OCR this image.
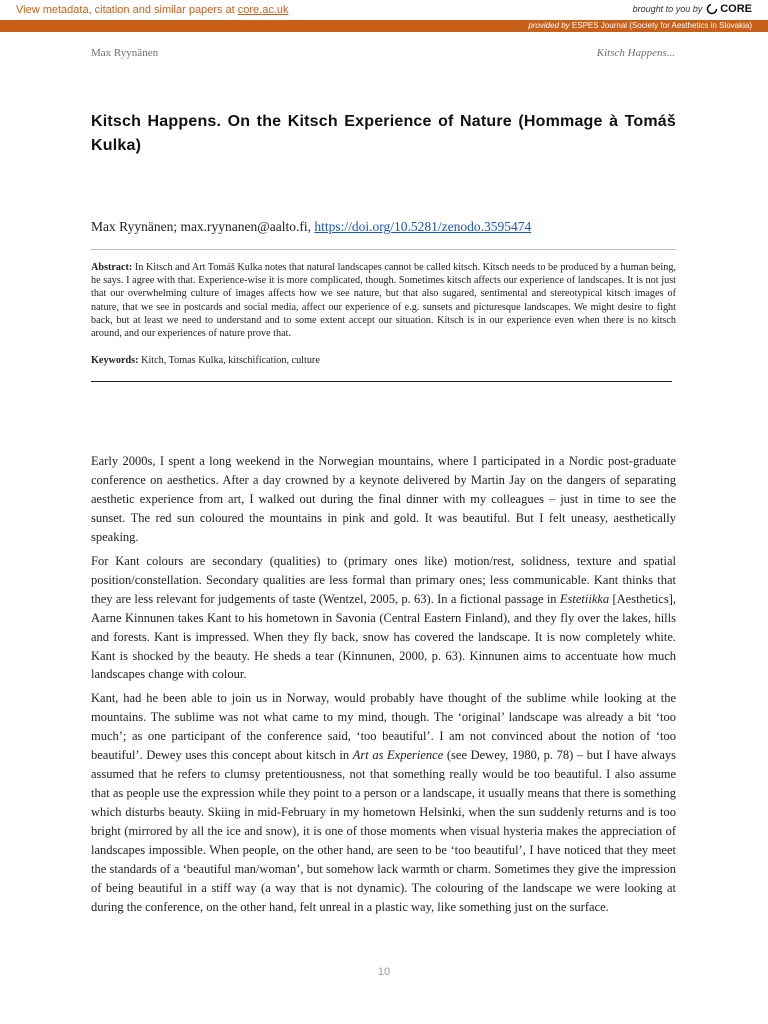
View metadata, citation and similar papers at core.ac.uk	brought to you by CORE
provided by ESPES Journal (Society for Aesthetics in Slovakia)
Max Ryynänen	Kitsch Happens...
Kitsch Happens. On the Kitsch Experience of Nature (Hommage à Tomáš Kulka)
Max Ryynänen; max.ryynanen@aalto.fi, https://doi.org/10.5281/zenodo.3595474
Abstract: In Kitsch and Art Tomáš Kulka notes that natural landscapes cannot be called kitsch. Kitsch needs to be produced by a human being, he says. I agree with that. Experience-wise it is more complicated, though. Sometimes kitsch affects our experience of landscapes. It is not just that our overwhelming culture of images affects how we see nature, but that also sugared, sentimental and stereotypical kitsch images of nature, that we see in postcards and social media, affect our experience of e.g. sunsets and picturesque landscapes. We might desire to fight back, but at least we need to understand and to some extent accept our situation. Kitsch is in our experience even when there is no kitsch around, and our experiences of nature prove that.
Keywords: Kitch, Tomas Kulka, kitschification, culture

Early 2000s, I spent a long weekend in the Norwegian mountains, where I participated in a Nordic post-graduate conference on aesthetics. After a day crowned by a keynote delivered by Martin Jay on the dangers of separating aesthetic experience from art, I walked out during the final dinner with my colleagues – just in time to see the sunset. The red sun coloured the mountains in pink and gold. It was beautiful. But I felt uneasy, aesthetically speaking.

For Kant colours are secondary (qualities) to (primary ones like) motion/rest, solidness, texture and spatial position/constellation. Secondary qualities are less formal than primary ones; less communicable. Kant thinks that they are less relevant for judgements of taste (Wentzel, 2005, p. 63). In a fictional passage in Estetiikka [Aesthetics], Aarne Kinnunen takes Kant to his hometown in Savonia (Central Eastern Finland), and they fly over the lakes, hills and forests. Kant is impressed. When they fly back, snow has covered the landscape. It is now completely white. Kant is shocked by the beauty. He sheds a tear (Kinnunen, 2000, p. 63). Kinnunen aims to accentuate how much landscapes change with colour.

Kant, had he been able to join us in Norway, would probably have thought of the sublime while looking at the mountains. The sublime was not what came to my mind, though. The ‘original’ landscape was already a bit ‘too much’; as one participant of the conference said, ‘too beautiful’. I am not convinced about the notion of ‘too beautiful’. Dewey uses this concept about kitsch in Art as Experience (see Dewey, 1980, p. 78) – but I have always assumed that he refers to clumsy pretentiousness, not that something really would be too beautiful. I also assume that as people use the expression while they point to a person or a landscape, it usually means that there is something which disturbs beauty. Skiing in mid-February in my hometown Helsinki, when the sun suddenly returns and is too bright (mirrored by all the ice and snow), it is one of those moments when visual hysteria makes the appreciation of landscapes impossible. When people, on the other hand, are seen to be ‘too beautiful’, I have noticed that they meet the standards of a ‘beautiful man/woman’, but somehow lack warmth or charm. Sometimes they give the impression of being beautiful in a stiff way (a way that is not dynamic). The colouring of the landscape we were looking at during the conference, on the other hand, felt unreal in a plastic way, like something just on the surface.

10
